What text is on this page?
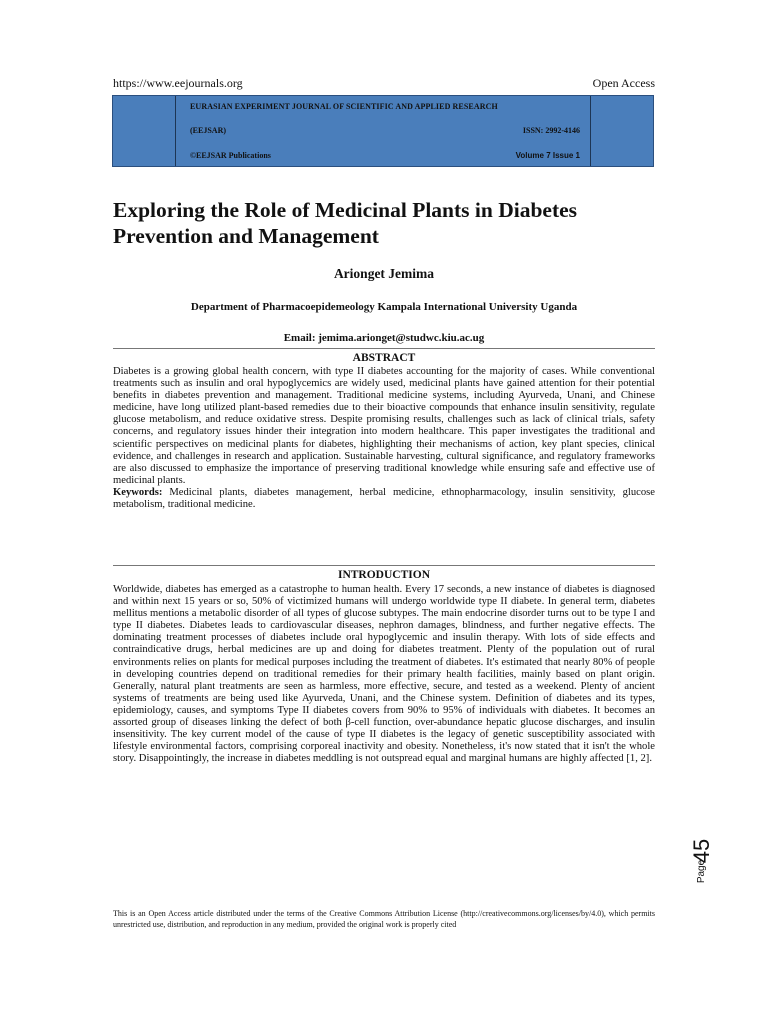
https://www.eejournals.org	Open Access
EURASIAN EXPERIMENT JOURNAL OF SCIENTIFIC AND APPLIED RESEARCH
(EEJSAR)	ISSN: 2992-4146
©EEJSAR Publications	Volume 7 Issue 1
Exploring the Role of Medicinal Plants in Diabetes Prevention and Management
Arionget Jemima
Department of Pharmacoepidemeology Kampala International University Uganda
Email: jemima.arionget@studwc.kiu.ac.ug
ABSTRACT
Diabetes is a growing global health concern, with type II diabetes accounting for the majority of cases. While conventional treatments such as insulin and oral hypoglycemics are widely used, medicinal plants have gained attention for their potential benefits in diabetes prevention and management. Traditional medicine systems, including Ayurveda, Unani, and Chinese medicine, have long utilized plant-based remedies due to their bioactive compounds that enhance insulin sensitivity, regulate glucose metabolism, and reduce oxidative stress. Despite promising results, challenges such as lack of clinical trials, safety concerns, and regulatory issues hinder their integration into modern healthcare. This paper investigates the traditional and scientific perspectives on medicinal plants for diabetes, highlighting their mechanisms of action, key plant species, clinical evidence, and challenges in research and application. Sustainable harvesting, cultural significance, and regulatory frameworks are also discussed to emphasize the importance of preserving traditional knowledge while ensuring safe and effective use of medicinal plants.
Keywords: Medicinal plants, diabetes management, herbal medicine, ethnopharmacology, insulin sensitivity, glucose metabolism, traditional medicine.
INTRODUCTION
Worldwide, diabetes has emerged as a catastrophe to human health. Every 17 seconds, a new instance of diabetes is diagnosed and within next 15 years or so, 50% of victimized humans will undergo worldwide type II diabete. In general term, diabetes mellitus mentions a metabolic disorder of all types of glucose subtypes. The main endocrine disorder turns out to be type I and type II diabetes. Diabetes leads to cardiovascular diseases, nephron damages, blindness, and further negative effects. The dominating treatment processes of diabetes include oral hypoglycemic and insulin therapy. With lots of side effects and contraindicative drugs, herbal medicines are up and doing for diabetes treatment. Plenty of the population out of rural environments relies on plants for medical purposes including the treatment of diabetes. It's estimated that nearly 80% of people in developing countries depend on traditional remedies for their primary health facilities, mainly based on plant origin. Generally, natural plant treatments are seen as harmless, more effective, secure, and tested as a weekend. Plenty of ancient systems of treatments are being used like Ayurveda, Unani, and the Chinese system. Definition of diabetes and its types, epidemiology, causes, and symptoms Type II diabetes covers from 90% to 95% of individuals with diabetes. It becomes an assorted group of diseases linking the defect of both β-cell function, over-abundance hepatic glucose discharges, and insulin insensitivity. The key current model of the cause of type II diabetes is the legacy of genetic susceptibility associated with lifestyle environmental factors, comprising corporeal inactivity and obesity. Nonetheless, it's now stated that it isn't the whole story. Disappointingly, the increase in diabetes meddling is not outspread equal and marginal humans are highly affected [1, 2].
This is an Open Access article distributed under the terms of the Creative Commons Attribution License (http://creativecommons.org/licenses/by/4.0), which permits unrestricted use, distribution, and reproduction in any medium, provided the original work is properly cited
45
Page
